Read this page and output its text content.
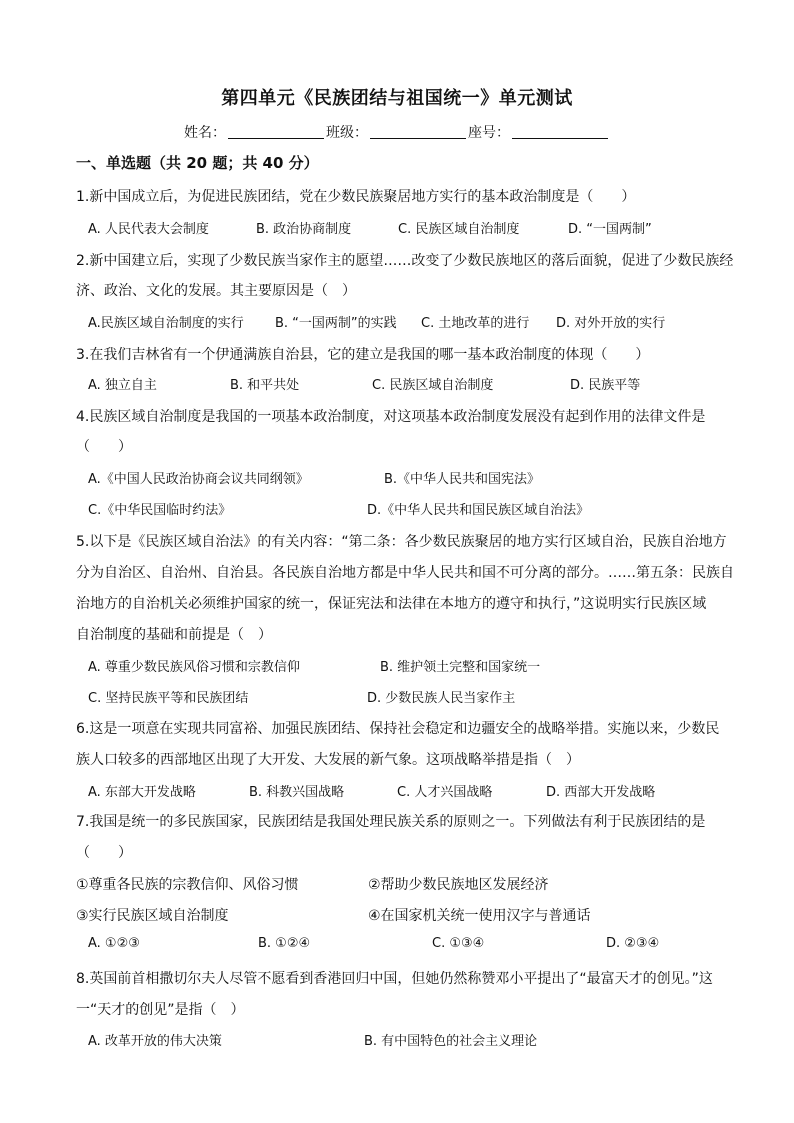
第四单元《民族团结与祖国统一》单元测试
姓名：	班级：	座号：
一、单选题（共 20 题；共 40 分）
1.新中国成立后，为促进民族团结，党在少数民族聚居地方实行的基本政治制度是（　　）
A. 人民代表大会制度	B. 政治协商制度	C. 民族区域自治制度	D. “一国两制”
2.新中国建立后，实现了少数民族当家作主的愿望……改变了少数民族地区的落后面貌，促进了少数民族经
济、政治、文化的发展。其主要原因是（　）
A.民族区域自治制度的实行 B. “一国两制”的实践 C. 土地改革的进行 D. 对外开放的实行
3.在我们吉林省有一个伊通满族自治县，它的建立是我国的哪一基本政治制度的体现（　　）
A. 独立自主	B. 和平共处	C. 民族区域自治制度	D. 民族平等
4.民族区域自治制度是我国的一项基本政治制度，对这项基本政治制度发展没有起到作用的法律文件是
（　　）
A.《中国人民政治协商会议共同纲领》	B.《中华人民共和国宪法》
C.《中华民国临时约法》	D.《中华人民共和国民族区域自治法》
5.以下是《民族区域自治法》的有关内容：“第二条：各少数民族聚居的地方实行区域自治，民族自治地方
分为自治区、自治州、自治县。各民族自治地方都是中华人民共和国不可分离的部分。……第五条：民族自
治地方的自治机关必须维护国家的统一，保证宪法和法律在本地方的遵守和执行，”这说明实行民族区域
自治制度的基础和前提是（　）
A. 尊重少数民族风俗习惯和宗教信仰	B. 维护领土完整和国家统一
C. 坚持民族平等和民族团结	D. 少数民族人民当家作主
6.这是一项意在实现共同富裕、加强民族团结、保持社会稳定和边疆安全的战略举措。实施以来，少数民
族人口较多的西部地区出现了大开发、大发展的新气象。这项战略举措是指（　）
A. 东部大开发战略	B. 科教兴国战略	C. 人才兴国战略	D. 西部大开发战略
7.我国是统一的多民族国家，民族团结是我国处理民族关系的原则之一。下列做法有利于民族团结的是
（　　）
①尊重各民族的宗教信仰、风俗习惯	②帮助少数民族地区发展经济
③实行民族区域自治制度	④在国家机关统一使用汉字与普通话
A. ①②③	B. ①②④	C. ①③④	D. ②③④
8.英国前首相撒切尔夫人尽管不愿看到香港回归中国，但她仍然称赞邓小平提出了“最富天才的创见。”这
一“天才的创见”是指（　）
A. 改革开放的伟大决策	B. 有中国特色的社会主义理论
